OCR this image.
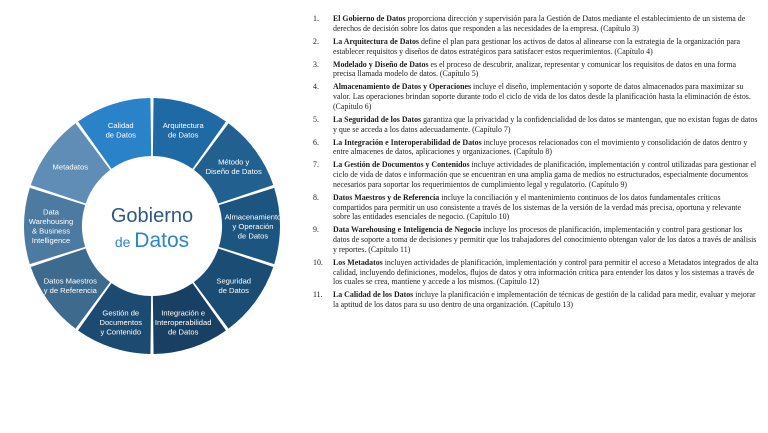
Arquitectura de Datos
Método y Diseño de Datos
Almacenamiento y Operación de Datos
Seguridad de Datos
Integración e Interoperabilidad de Datos
Gestión de Documentos y Contenido
Datos Maestros y de Referencia
Data Warehousing & Business Intelligence
Metadatos
Calidad de Datos
Gobierno
de Datos
1. El Gobierno de Datos proporciona dirección y supervisión para la Gestión de Datos mediante el establecimiento de un sistema de derechos de decisión sobre los datos que responden a las necesidades de la empresa. (Capítulo 3)
2. La Arquitectura de Datos define el plan para gestionar los activos de datos al alinearse con la estrategia de la organización para establecer requisitos y diseños de datos estratégicos para satisfacer estos requerimientos. (Capítulo 4)
3. Modelado y Diseño de Datos es el proceso de descubrir, analizar, representar y comunicar los requisitos de datos en una forma precisa llamada modelo de datos. (Capítulo 5)
4. Almacenamiento de Datos y Operaciones incluye el diseño, implementación y soporte de datos almacenados para maximizar su valor. Las operaciones brindan soporte durante todo el ciclo de vida de los datos desde la planificación hasta la eliminación de éstos. (Capítulo 6)
5. La Seguridad de los Datos garantiza que la privacidad y la confidencialidad de los datos se mantengan, que no existan fugas de datos y que se acceda a los datos adecuadamente. (Capítulo 7)
6. La Integración e Interoperabilidad de Datos incluye procesos relacionados con el movimiento y consolidación de datos dentro y entre almacenes de datos, aplicaciones y organizaciones. (Capítulo 8)
7. La Gestión de Documentos y Contenidos incluye actividades de planificación, implementación y control utilizadas para gestionar el ciclo de vida de datos e información que se encuentran en una amplia gama de medios no estructurados, especialmente documentos necesarios para soportar los requerimientos de cumplimiento legal y regulatorio. (Capítulo 9)
8. Datos Maestros y de Referencia incluye la conciliación y el mantenimiento continuos de los datos fundamentales críticos compartidos para permitir un uso consistente a través de los sistemas de la versión de la verdad más precisa, oportuna y relevante sobre las entidades esenciales de negocio. (Capítulo 10)
9. Data Warehousing e Inteligencia de Negocio incluye los procesos de planificación, implementación y control para gestionar los datos de soporte a toma de decisiones y permitir que los trabajadores del conocimiento obtengan valor de los datos a través de análisis y reportes. (Capítulo 11)
10. Los Metadatos incluyen actividades de planificación, implementación y control para permitir el acceso a Metadatos integrados de alta calidad, incluyendo definiciones, modelos, flujos de datos y otra información crítica para entender los datos y los sistemas a través de los cuales se crea, mantiene y accede a los mismos. (Capítulo 12)
11. La Calidad de los Datos incluye la planificación e implementación de técnicas de gestión de la calidad para medir, evaluar y mejorar la aptitud de los datos para su uso dentro de una organización. (Capítulo 13)
